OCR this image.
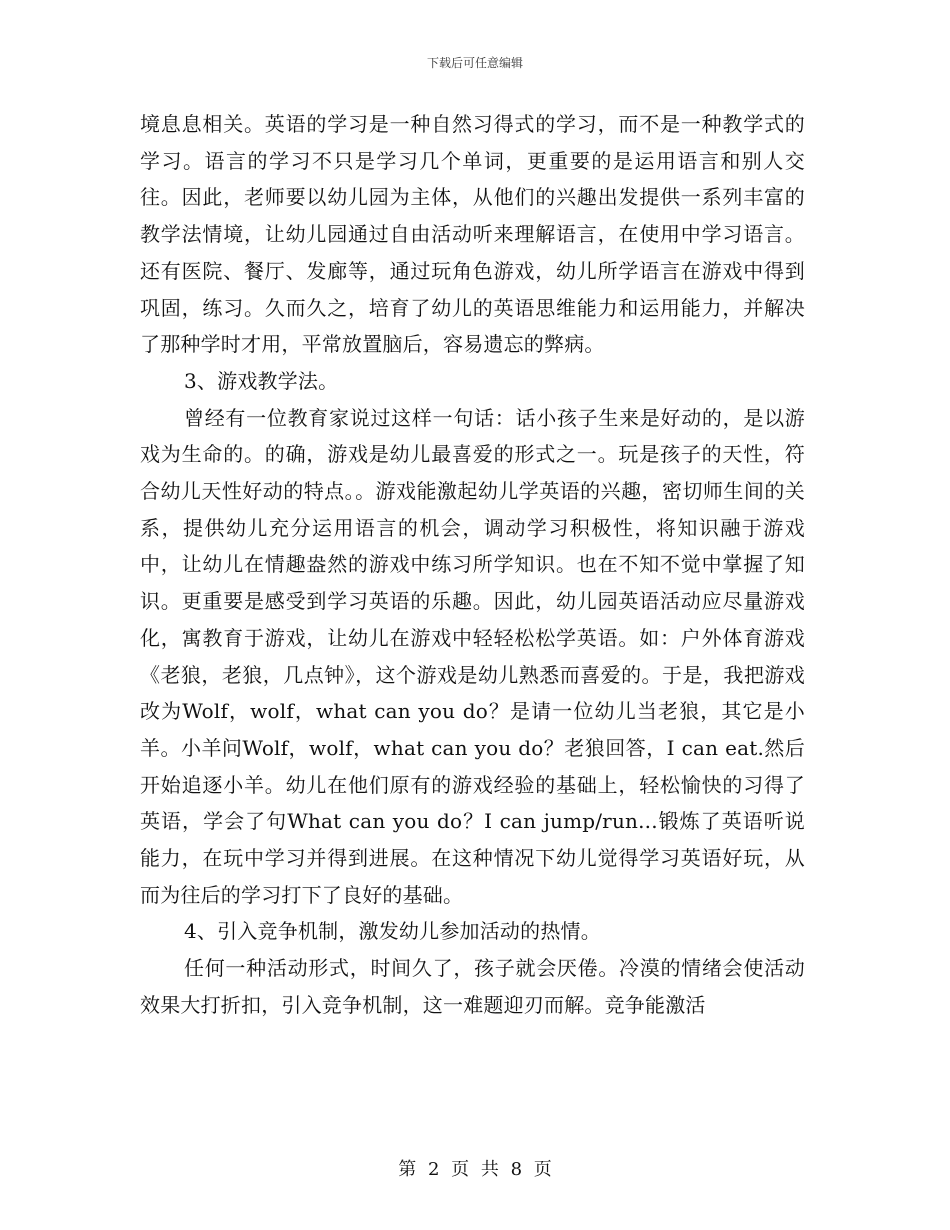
下载后可任意编辑

境息息相关。英语的学习是一种自然习得式的学习，而不是一种教学式的学习。语言的学习不只是学习几个单词，更重要的是运用语言和别人交往。因此，老师要以幼儿园为主体，从他们的兴趣出发提供一系列丰富的教学法情境，让幼儿园通过自由活动听来理解语言，在使用中学习语言。还有医院、餐厅、发廊等，通过玩角色游戏，幼儿所学语言在游戏中得到巩固，练习。久而久之，培育了幼儿的英语思维能力和运用能力，并解决了那种学时才用，平常放置脑后，容易遗忘的弊病。

3、游戏教学法。

曾经有一位教育家说过这样一句话：话小孩子生来是好动的，是以游戏为生命的。的确，游戏是幼儿最喜爱的形式之一。玩是孩子的天性，符合幼儿天性好动的特点。。游戏能激起幼儿学英语的兴趣，密切师生间的关系，提供幼儿充分运用语言的机会，调动学习积极性，将知识融于游戏中，让幼儿在情趣盎然的游戏中练习所学知识。也在不知不觉中掌握了知识。更重要是感受到学习英语的乐趣。因此，幼儿园英语活动应尽量游戏化，寓教育于游戏，让幼儿在游戏中轻轻松松学英语。如：户外体育游戏《老狼，老狼，几点钟》，这个游戏是幼儿熟悉而喜爱的。于是，我把游戏改为Wolf，wolf，what can you do？是请一位幼儿当老狼，其它是小羊。小羊问Wolf，wolf，what can you do？老狼回答，I can eat.然后开始追逐小羊。幼儿在他们原有的游戏经验的基础上，轻松愉快的习得了英语，学会了句What can you do？I can jump/run...锻炼了英语听说能力，在玩中学习并得到进展。在这种情况下幼儿觉得学习英语好玩，从而为往后的学习打下了良好的基础。

4、引入竞争机制，激发幼儿参加活动的热情。

任何一种活动形式，时间久了，孩子就会厌倦。冷漠的情绪会使活动效果大打折扣，引入竞争机制，这一难题迎刃而解。竞争能激活

第 2 页 共 8 页
